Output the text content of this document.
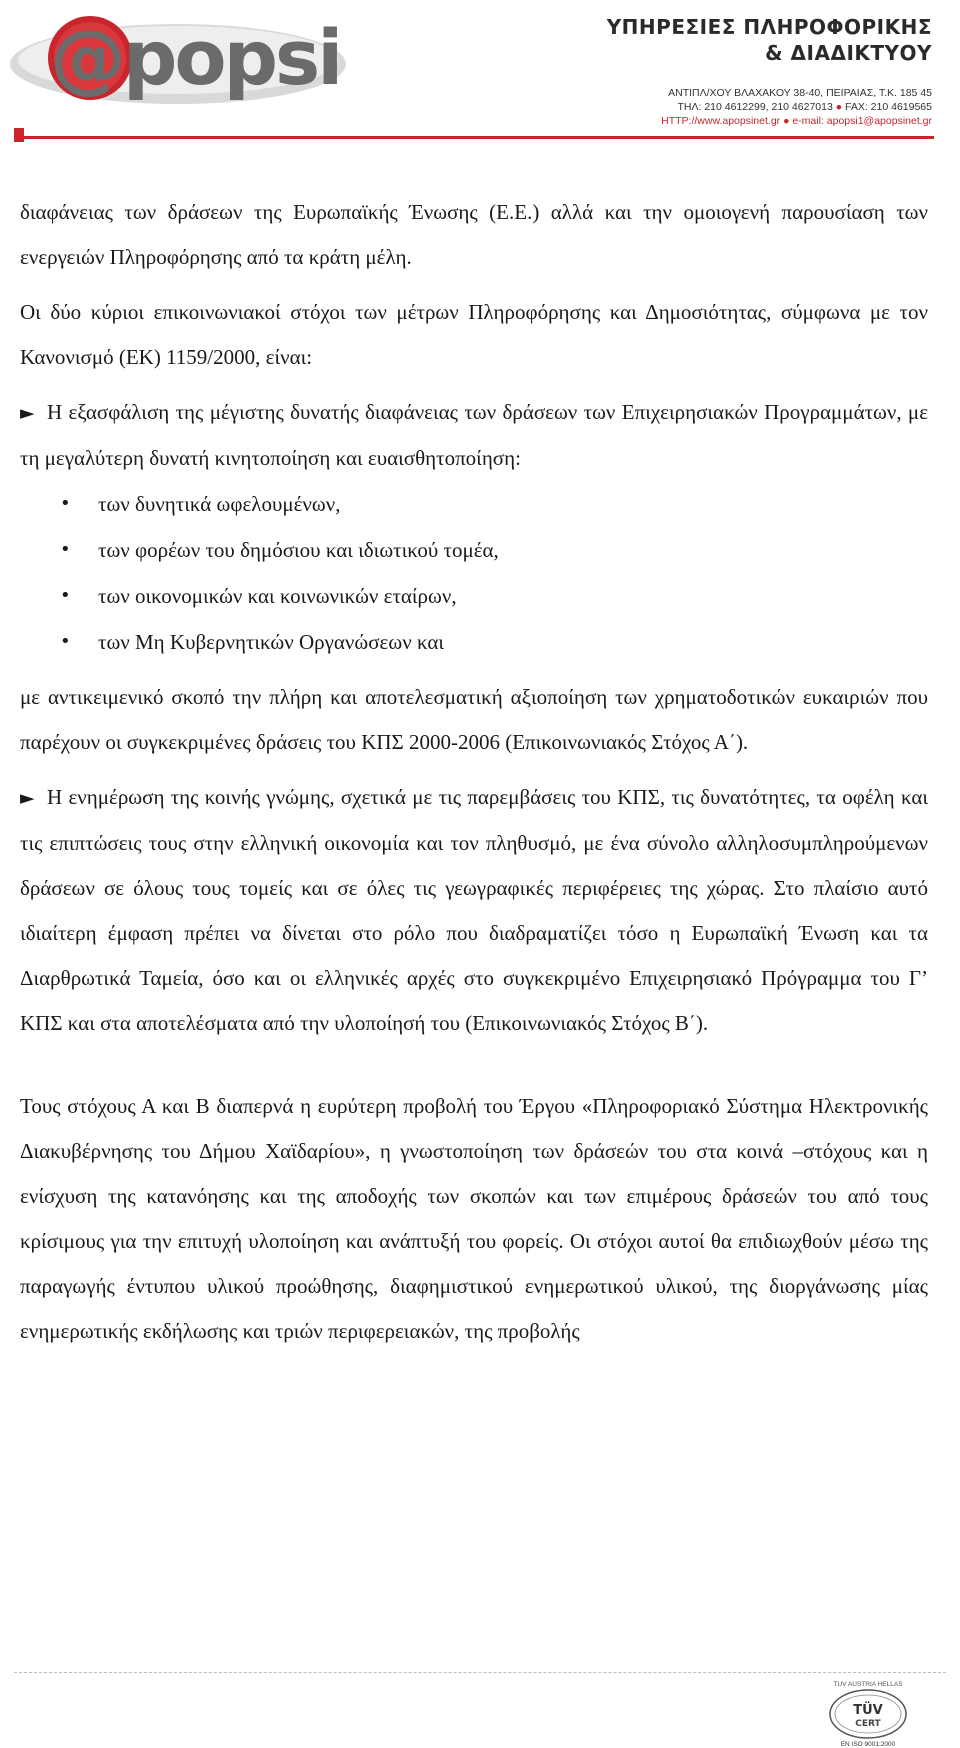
@popsi	ΥΠΗΡΕΣΙΕΣ ΠΛΗΡΟΦΟΡΙΚΗΣ
& ΔΙΑΔΙΚΤΥΟΥ
ΑΝΤΙΠΛ/ΧΟΥ ΒΛΑΧΑΚΟΥ 38-40, ΠΕΙΡΑΙΑΣ, Τ.Κ. 185 45
ΤΗΛ: 210 4612299, 210 4627013 ● FAX: 210 4619565
HTTP://www.apopsinet.gr ● e-mail: apopsi1@apopsinet.gr

διαφάνειας των δράσεων της Ευρωπαϊκής Ένωσης (Ε.Ε.) αλλά και την ομοιογενή παρουσίαση των ενεργειών Πληροφόρησης από τα κράτη μέλη.

Οι δύο κύριοι επικοινωνιακοί στόχοι των μέτρων Πληροφόρησης και Δημοσιότητας, σύμφωνα με τον Κανονισμό (ΕΚ) 1159/2000, είναι:

► Η εξασφάλιση της μέγιστης δυνατής διαφάνειας των δράσεων των Επιχειρησιακών Προγραμμάτων, με τη μεγαλύτερη δυνατή κινητοποίηση και ευαισθητοποίηση:

• των δυνητικά ωφελουμένων,
• των φορέων του δημόσιου και ιδιωτικού τομέα,
• των οικονομικών και κοινωνικών εταίρων,
• των Μη Κυβερνητικών Οργανώσεων και

με αντικειμενικό σκοπό την πλήρη και αποτελεσματική αξιοποίηση των χρηματοδοτικών ευκαιριών που παρέχουν οι συγκεκριμένες δράσεις του ΚΠΣ 2000-2006 (Επικοινωνιακός Στόχος Α΄).

► Η ενημέρωση της κοινής γνώμης, σχετικά με τις παρεμβάσεις του ΚΠΣ, τις δυνατότητες, τα οφέλη και τις επιπτώσεις τους στην ελληνική οικονομία και τον πληθυσμό, με ένα σύνολο αλληλοσυμπληρούμενων δράσεων σε όλους τους τομείς και σε όλες τις γεωγραφικές περιφέρειες της χώρας. Στο πλαίσιο αυτό ιδιαίτερη έμφαση πρέπει να δίνεται στο ρόλο που διαδραματίζει τόσο η Ευρωπαϊκή Ένωση και τα Διαρθρωτικά Ταμεία, όσο και οι ελληνικές αρχές στο συγκεκριμένο Επιχειρησιακό Πρόγραμμα του Γ’ ΚΠΣ και στα αποτελέσματα από την υλοποίησή του (Επικοινωνιακός Στόχος Β΄).

Τους στόχους Α και Β διαπερνά η ευρύτερη προβολή του Έργου «Πληροφοριακό Σύστημα Ηλεκτρονικής Διακυβέρνησης του Δήμου Χαϊδαρίου», η γνωστοποίηση των δράσεών του στα κοινά –στόχους και η ενίσχυση της κατανόησης και της αποδοχής των σκοπών και των επιμέρους δράσεών του από τους κρίσιμους για την επιτυχή υλοποίηση και ανάπτυξή του φορείς. Οι στόχοι αυτοί θα επιδιωχθούν μέσω της παραγωγής έντυπου υλικού προώθησης, διαφημιστικού ενημερωτικού υλικού, της διοργάνωσης μίας ενημερωτικής εκδήλωσης και τριών περιφερειακών, της προβολής

TUV AUSTRIA HELLAS
TÜV
CERT
EN ISO 9001:2000
